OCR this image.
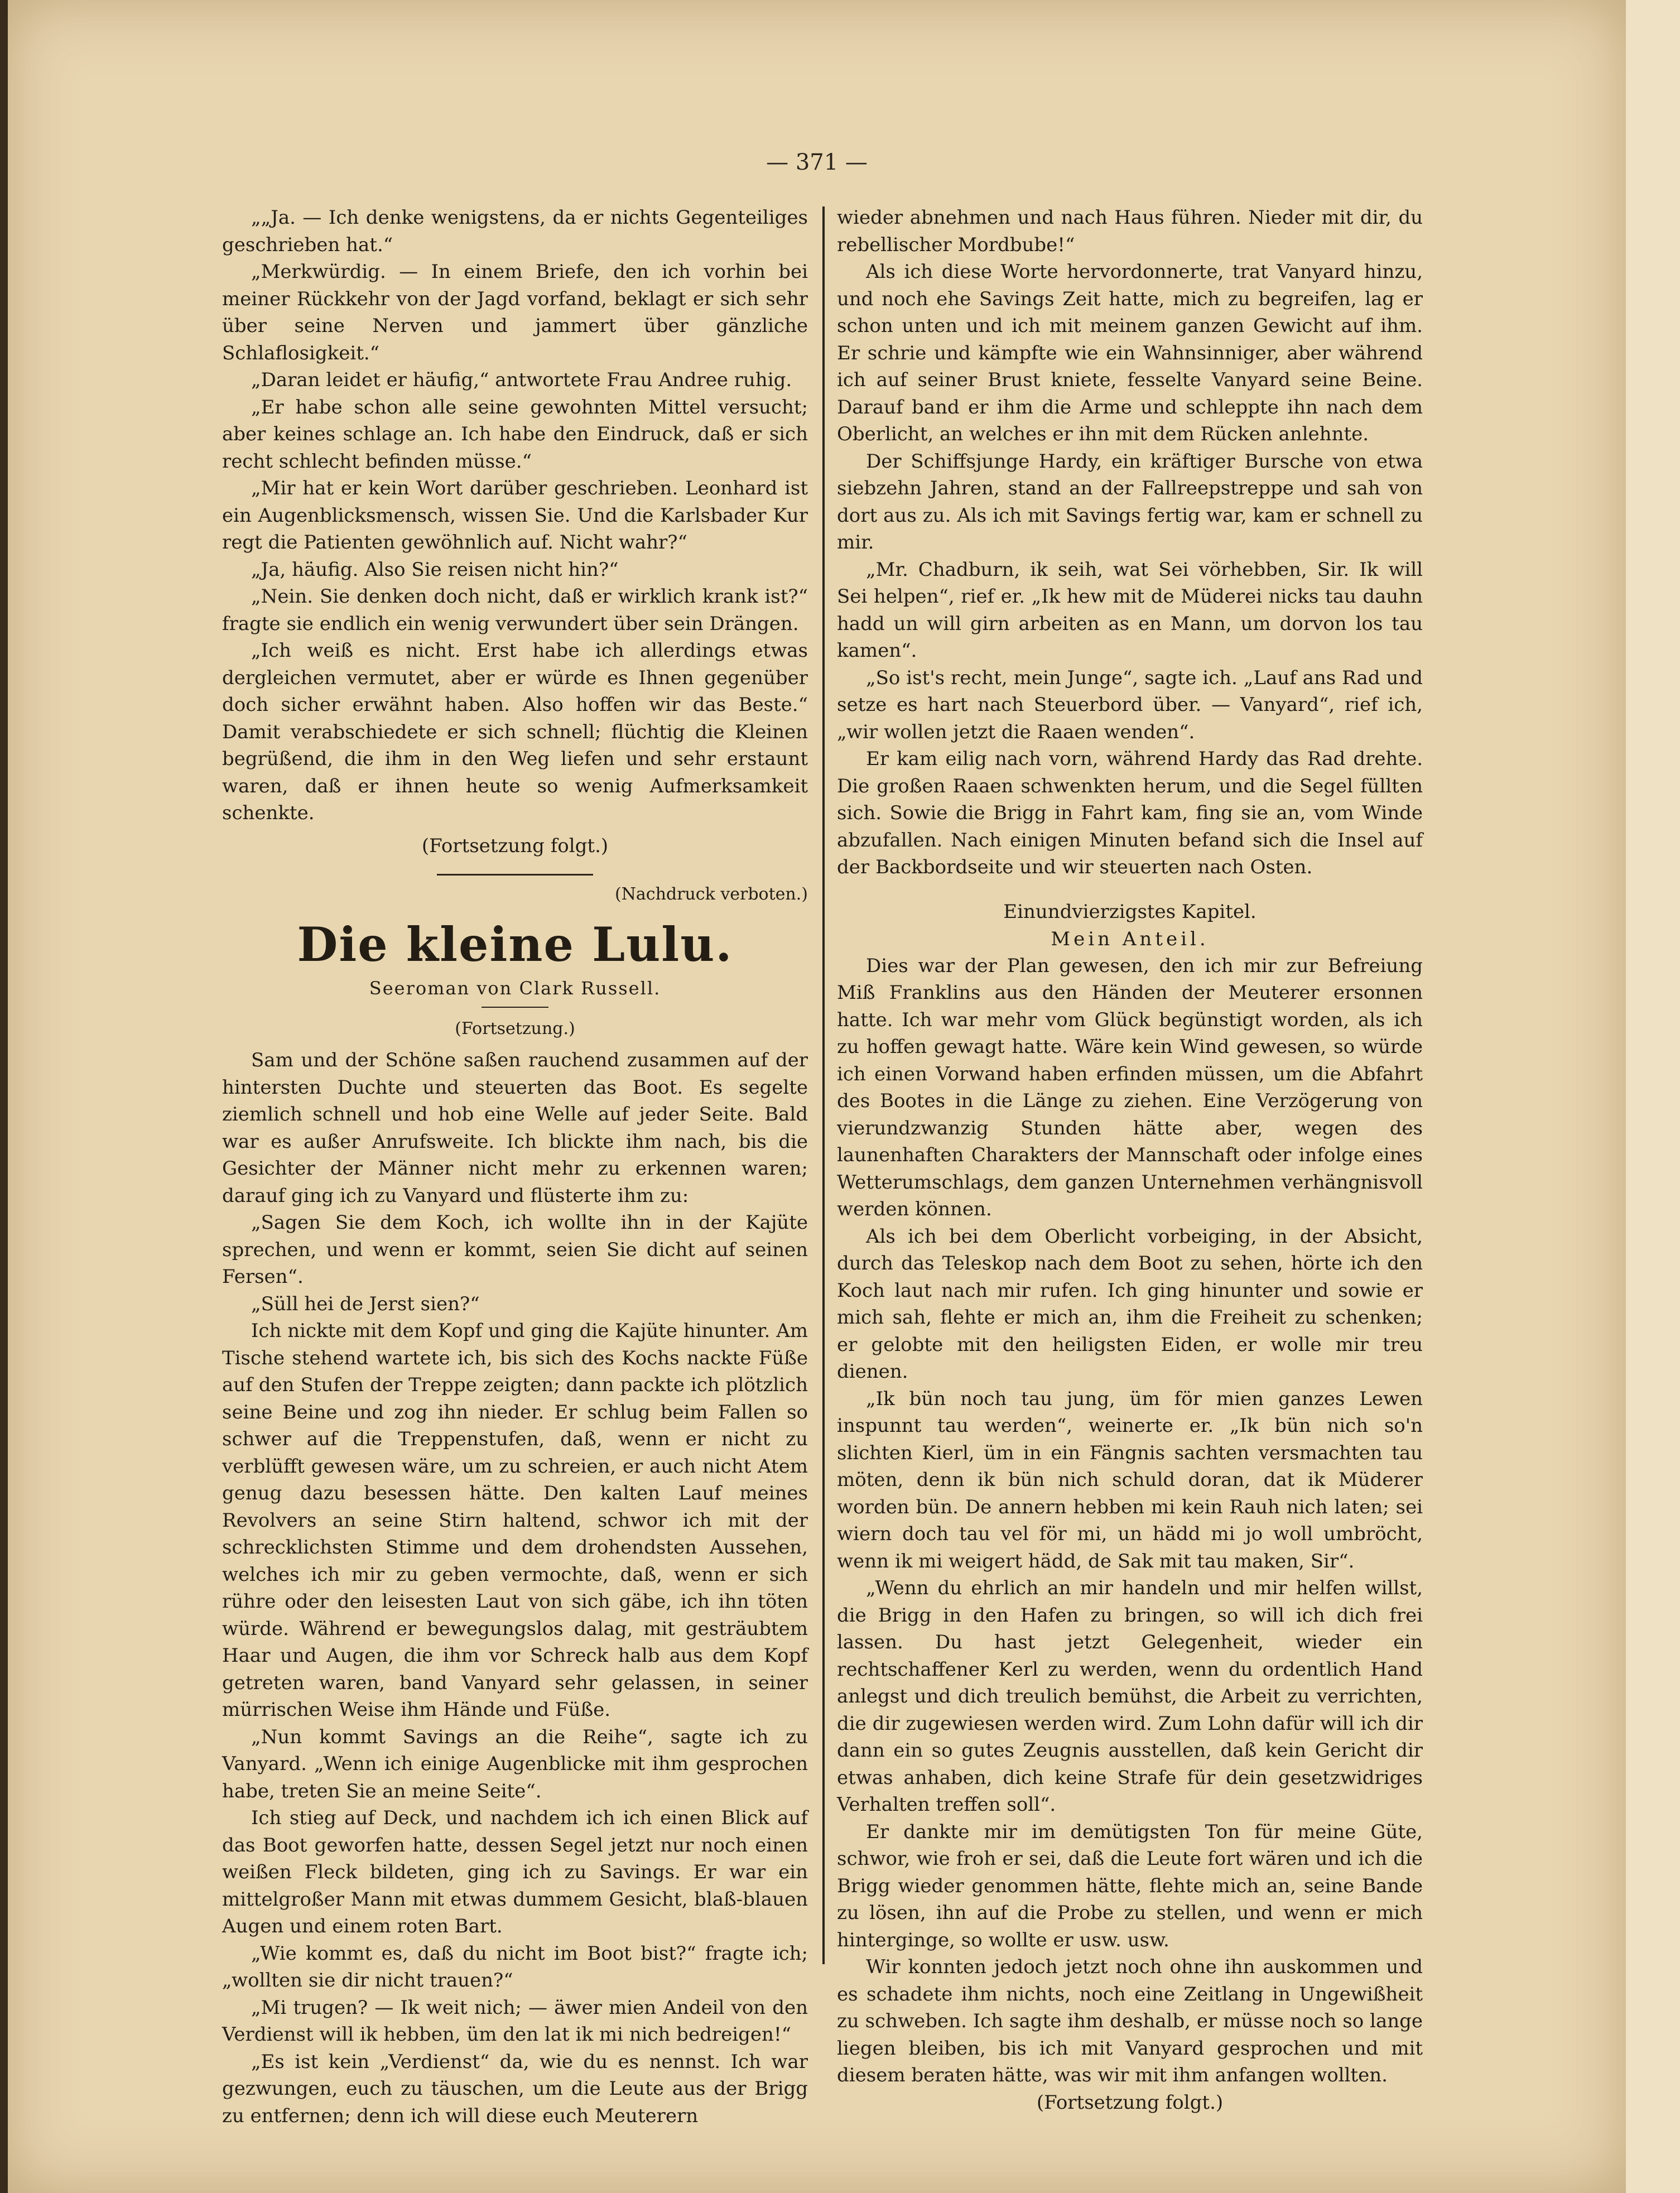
— 371 —

„„Ja. — Ich denke wenigstens, da er nichts Gegenteiliges geschrieben hat.“

„Merkwürdig. — In einem Briefe, den ich vorhin bei meiner Rückkehr von der Jagd vorfand, beklagt er sich sehr über seine Nerven und jammert über gänzliche Schlaflosigkeit.“

„Daran leidet er häufig,“ antwortete Frau Andree ruhig.

„Er habe schon alle seine gewohnten Mittel versucht; aber keines schlage an. Ich habe den Eindruck, daß er sich recht schlecht befinden müsse.“

„Mir hat er kein Wort darüber geschrieben. Leonhard ist ein Augenblicksmensch, wissen Sie. Und die Karlsbader Kur regt die Patienten gewöhnlich auf. Nicht wahr?“

„Ja, häufig. Also Sie reisen nicht hin?“

„Nein. Sie denken doch nicht, daß er wirklich krank ist?“ fragte sie endlich ein wenig verwundert über sein Drängen.

„Ich weiß es nicht. Erst habe ich allerdings etwas dergleichen vermutet, aber er würde es Ihnen gegenüber doch sicher erwähnt haben. Also hoffen wir das Beste.“ Damit verabschiedete er sich schnell; flüchtig die Kleinen begrüßend, die ihm in den Weg liefen und sehr erstaunt waren, daß er ihnen heute so wenig Aufmerksamkeit schenkte.

(Fortsetzung folgt.)

(Nachdruck verboten.)

Die kleine Lulu.
Seeroman von Clark Russell.

(Fortsetzung.)

Sam und der Schöne saßen rauchend zusammen auf der hintersten Duchte und steuerten das Boot. Es segelte ziemlich schnell und hob eine Welle auf jeder Seite. Bald war es außer Anrufsweite. Ich blickte ihm nach, bis die Gesichter der Männer nicht mehr zu erkennen waren; darauf ging ich zu Vanyard und flüsterte ihm zu:

„Sagen Sie dem Koch, ich wollte ihn in der Kajüte sprechen, und wenn er kommt, seien Sie dicht auf seinen Fersen“.

„Süll hei de Jerst sien?“

Ich nickte mit dem Kopf und ging die Kajüte hinunter. Am Tische stehend wartete ich, bis sich des Kochs nackte Füße auf den Stufen der Treppe zeigten; dann packte ich plötzlich seine Beine und zog ihn nieder. Er schlug beim Fallen so schwer auf die Treppenstufen, daß, wenn er nicht zu verblüfft gewesen wäre, um zu schreien, er auch nicht Atem genug dazu besessen hätte. Den kalten Lauf meines Revolvers an seine Stirn haltend, schwor ich mit der schrecklichsten Stimme und dem drohendsten Aussehen, welches ich mir zu geben vermochte, daß, wenn er sich rühre oder den leisesten Laut von sich gäbe, ich ihn töten würde. Während er bewegungslos dalag, mit gesträubtem Haar und Augen, die ihm vor Schreck halb aus dem Kopf getreten waren, band Vanyard sehr gelassen, in seiner mürrischen Weise ihm Hände und Füße.

„Nun kommt Savings an die Reihe“, sagte ich zu Vanyard. „Wenn ich einige Augenblicke mit ihm gesprochen habe, treten Sie an meine Seite“.

Ich stieg auf Deck, und nachdem ich ich einen Blick auf das Boot geworfen hatte, dessen Segel jetzt nur noch einen weißen Fleck bildeten, ging ich zu Savings. Er war ein mittelgroßer Mann mit etwas dummem Gesicht, blaß-blauen Augen und einem roten Bart.

„Wie kommt es, daß du nicht im Boot bist?“ fragte ich; „wollten sie dir nicht trauen?“

„Mi trugen? — Ik weit nich; — äwer mien Andeil von den Verdienst will ik hebben, üm den lat ik mi nich bedreigen!“

„Es ist kein „Verdienst“ da, wie du es nennst. Ich war gezwungen, euch zu täuschen, um die Leute aus der Brigg zu entfernen; denn ich will diese euch Meuterern

wieder abnehmen und nach Haus führen. Nieder mit dir, du rebellischer Mordbube!“

Als ich diese Worte hervordonnerte, trat Vanyard hinzu, und noch ehe Savings Zeit hatte, mich zu begreifen, lag er schon unten und ich mit meinem ganzen Gewicht auf ihm. Er schrie und kämpfte wie ein Wahnsinniger, aber während ich auf seiner Brust kniete, fesselte Vanyard seine Beine. Darauf band er ihm die Arme und schleppte ihn nach dem Oberlicht, an welches er ihn mit dem Rücken anlehnte.

Der Schiffsjunge Hardy, ein kräftiger Bursche von etwa siebzehn Jahren, stand an der Fallreepstreppe und sah von dort aus zu. Als ich mit Savings fertig war, kam er schnell zu mir.

„Mr. Chadburn, ik seih, wat Sei vörhebben, Sir. Ik will Sei helpen“, rief er. „Ik hew mit de Müderei nicks tau dauhn hadd un will girn arbeiten as en Mann, um dorvon los tau kamen“.

„So ist's recht, mein Junge“, sagte ich. „Lauf ans Rad und setze es hart nach Steuerbord über. — Vanyard“, rief ich, „wir wollen jetzt die Raaen wenden“.

Er kam eilig nach vorn, während Hardy das Rad drehte. Die großen Raaen schwenkten herum, und die Segel füllten sich. Sowie die Brigg in Fahrt kam, fing sie an, vom Winde abzufallen. Nach einigen Minuten befand sich die Insel auf der Backbordseite und wir steuerten nach Osten.

Einundvierzigstes Kapitel.
Mein Anteil.

Dies war der Plan gewesen, den ich mir zur Befreiung Miß Franklins aus den Händen der Meuterer ersonnen hatte. Ich war mehr vom Glück begünstigt worden, als ich zu hoffen gewagt hatte. Wäre kein Wind gewesen, so würde ich einen Vorwand haben erfinden müssen, um die Abfahrt des Bootes in die Länge zu ziehen. Eine Verzögerung von vierundzwanzig Stunden hätte aber, wegen des launenhaften Charakters der Mannschaft oder infolge eines Wetterumschlags, dem ganzen Unternehmen verhängnisvoll werden können.

Als ich bei dem Oberlicht vorbeiging, in der Absicht, durch das Teleskop nach dem Boot zu sehen, hörte ich den Koch laut nach mir rufen. Ich ging hinunter und sowie er mich sah, flehte er mich an, ihm die Freiheit zu schenken; er gelobte mit den heiligsten Eiden, er wolle mir treu dienen.

„Ik bün noch tau jung, üm för mien ganzes Lewen inspunnt tau werden“, weinerte er. „Ik bün nich so'n slichten Kierl, üm in ein Fängnis sachten versmachten tau möten, denn ik bün nich schuld doran, dat ik Müderer worden bün. De annern hebben mi kein Rauh nich laten; sei wiern doch tau vel för mi, un hädd mi jo woll umbröcht, wenn ik mi weigert hädd, de Sak mit tau maken, Sir“.

„Wenn du ehrlich an mir handeln und mir helfen willst, die Brigg in den Hafen zu bringen, so will ich dich frei lassen. Du hast jetzt Gelegenheit, wieder ein rechtschaffener Kerl zu werden, wenn du ordentlich Hand anlegst und dich treulich bemühst, die Arbeit zu verrichten, die dir zugewiesen werden wird. Zum Lohn dafür will ich dir dann ein so gutes Zeugnis ausstellen, daß kein Gericht dir etwas anhaben, dich keine Strafe für dein gesetzwidriges Verhalten treffen soll“.

Er dankte mir im demütigsten Ton für meine Güte, schwor, wie froh er sei, daß die Leute fort wären und ich die Brigg wieder genommen hätte, flehte mich an, seine Bande zu lösen, ihn auf die Probe zu stellen, und wenn er mich hinterginge, so wollte er usw. usw.

Wir konnten jedoch jetzt noch ohne ihn auskommen und es schadete ihm nichts, noch eine Zeitlang in Ungewißheit zu schweben. Ich sagte ihm deshalb, er müsse noch so lange liegen bleiben, bis ich mit Vanyard gesprochen und mit diesem beraten hätte, was wir mit ihm anfangen wollten.

(Fortsetzung folgt.)
